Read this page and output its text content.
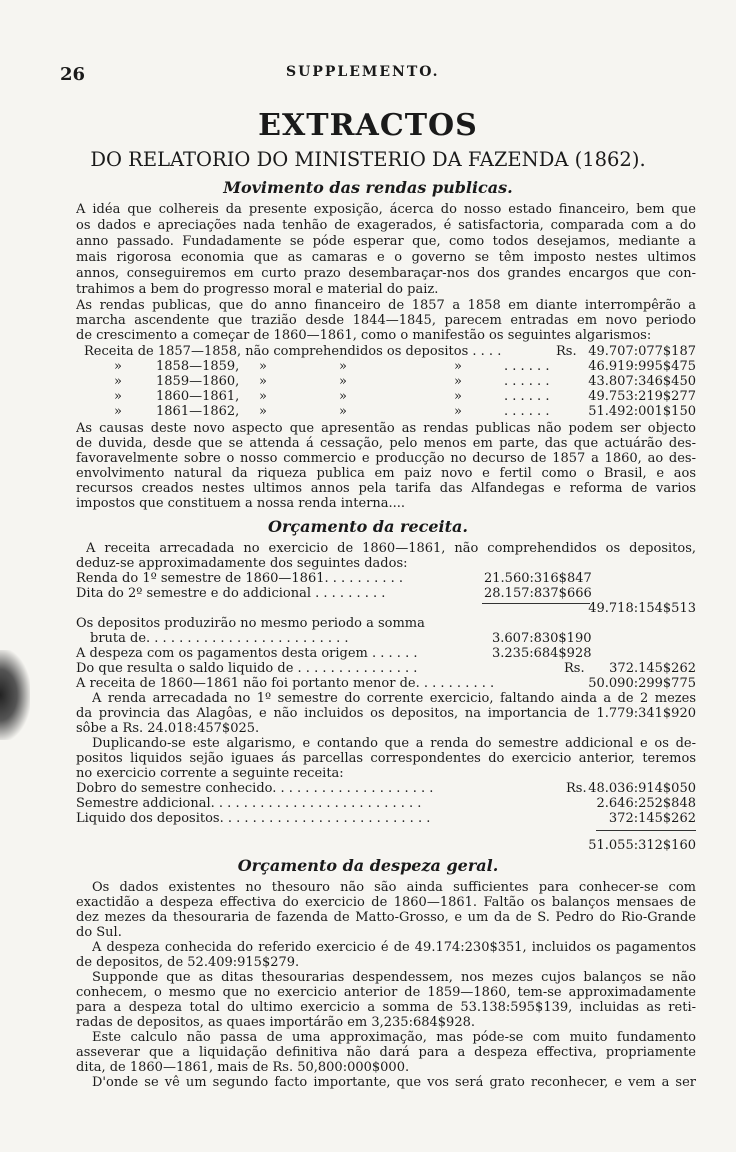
26	SUPPLEMENTO.
EXTRACTOS
DO RELATORIO DO MINISTERIO DA FAZENDA (1862).
Movimento das rendas publicas.
A idéa que colhereis da presente exposição, ácerca do nosso estado financeiro, bem que
os dados e apreciações nada tenhão de exagerados, é satisfactoria, comparada com a do
anno passado. Fundadamente se póde esperar que, como todos desejamos, mediante a
mais rigorosa economia que as camaras e o governo se têm imposto nestes ultimos
annos, conseguiremos em curto prazo desembaraçar-nos dos grandes encargos que con-
trahimos a bem do progresso moral e material do paiz.
As rendas publicas, que do anno financeiro de 1857 a 1858 em diante interrompêrão a
marcha ascendente que trazião desde 1844—1845, parecem entradas em novo periodo
de crescimento a começar de 1860—1861, como o manifestão os seguintes algarismos:
Receita de 1857—1858, não comprehendidos os depositos . . . .	Rs. 49.707:077$187
»	1858—1859, »	»	»	. . . . . .	46.919:995$475
»	1859—1860, »	»	»	. . . . . .	43.807:346$450
»	1860—1861, »	»	»	. . . . . .	49.753:219$277
»	1861—1862, »	»	»	. . . . . .	51.492:001$150
As causas deste novo aspecto que apresentão as rendas publicas não podem ser objecto
de duvida, desde que se attenda á cessação, pelo menos em parte, das que actuárão des-
favoravelmente sobre o nosso commercio e producção no decurso de 1857 a 1860, ao des-
envolvimento natural da riqueza publica em paiz novo e fertil como o Brasil, e aos
recursos creados nestes ultimos annos pela tarifa das Alfandegas e reforma de varios
impostos que constituem a nossa renda interna....
Orçamento da receita.
A receita arrecadada no exercicio de 1860—1861, não comprehendidos os depositos,
deduz-se approximadamente dos seguintes dados:
Renda do 1º semestre de 1860—1861. . . . . . . . . .	21.560:316$847
Dita do 2º semestre e do addicional . . . . . . . . .	28.157:837$666
49.718:154$513
Os depositos produzirão no mesmo periodo a somma
bruta de. . . . . . . . . . . . . . . . . . . . . . . . .	3.607:830$190
A despeza com os pagamentos desta origem . . . . . .	3.235:684$928
Do que resulta o saldo liquido de . . . . . . . . . . . . . . .	Rs. 372.145$262
A receita de 1860—1861 não foi portanto menor de. . . . . . . . . .	50.090:299$775
A renda arrecadada no 1º semestre do corrente exercicio, faltando ainda a de 2 mezes
da provincia das Alagôas, e não incluidos os depositos, na importancia de 1.779:341$920
sôbe a Rs. 24.018:457$025.
Duplicando-se este algarismo, e contando que a renda do semestre addicional e os de-
positos liquidos sejão iguaes ás parcellas correspondentes do exercicio anterior, teremos
no exercicio corrente a seguinte receita:
Dobro do semestre conhecido. . . . . . . . . . . . . . . . . . . .	Rs. 48.036:914$050
Semestre addicional. . . . . . . . . . . . . . . . . . . . . . . . . .	2.646:252$848
Liquido dos depositos. . . . . . . . . . . . . . . . . . . . . . . . . .	372:145$262
51.055:312$160
Orçamento da despeza geral.
Os dados existentes no thesouro não são ainda sufficientes para conhecer-se com
exactidão a despeza effectiva do exercicio de 1860—1861. Faltão os balanços mensaes de
dez mezes da thesouraria de fazenda de Matto-Grosso, e um da de S. Pedro do Rio-Grande
do Sul.
A despeza conhecida do referido exercicio é de 49.174:230$351, incluidos os pagamentos
de depositos, de 52.409:915$279.
Supponde que as ditas thesourarias despendessem, nos mezes cujos balanços se não
conhecem, o mesmo que no exercicio anterior de 1859—1860, tem-se approximadamente
para a despeza total do ultimo exercicio a somma de 53.138:595$139, incluidas as reti-
radas de depositos, as quaes importárão em 3,235:684$928.
Este calculo não passa de uma approximação, mas póde-se com muito fundamento
asseverar que a liquidação definitiva não dará para a despeza effectiva, propriamente
dita, de 1860—1861, mais de Rs. 50,800:000$000.
D'onde se vê um segundo facto importante, que vos será grato reconhecer, e vem a ser
